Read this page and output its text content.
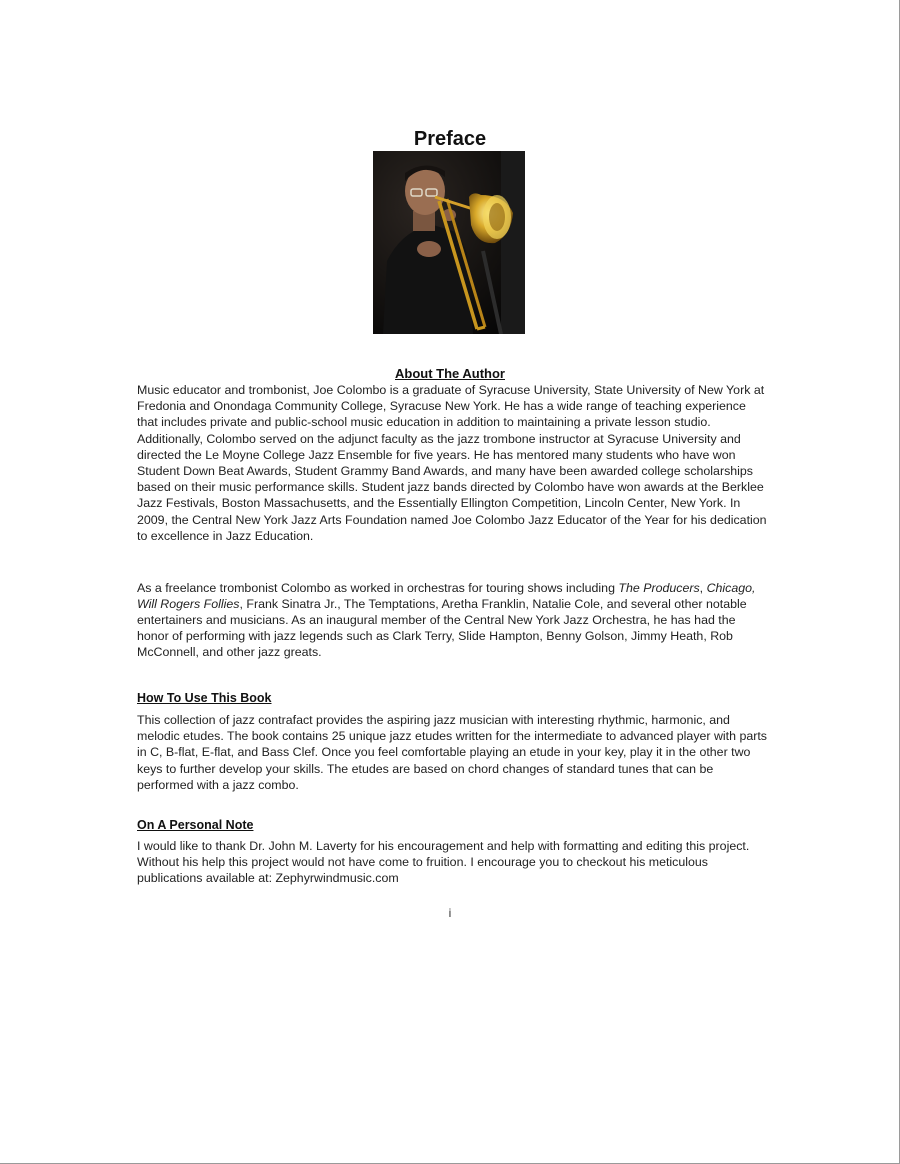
Preface
About The Author
Music educator and trombonist, Joe Colombo is a graduate of Syracuse University, State University of New York at Fredonia and Onondaga Community College, Syracuse New York. He has a wide range of teaching experience that includes private and public-school music education in addition to maintaining a private lesson studio. Additionally, Colombo served on the adjunct faculty as the jazz trombone instructor at Syracuse University and directed the Le Moyne College Jazz Ensemble for five years. He has mentored many students who have won Student Down Beat Awards, Student Grammy Band Awards, and many have been awarded college scholarships based on their music performance skills. Student jazz bands directed by Colombo have won awards at the Berklee Jazz Festivals, Boston Massachusetts, and the Essentially Ellington Competition, Lincoln Center, New York. In 2009, the Central New York Jazz Arts Foundation named Joe Colombo Jazz Educator of the Year for his dedication to excellence in Jazz Education.
As a freelance trombonist Colombo as worked in orchestras for touring shows including The Producers, Chicago, Will Rogers Follies, Frank Sinatra Jr., The Temptations, Aretha Franklin, Natalie Cole, and several other notable entertainers and musicians. As an inaugural member of the Central New York Jazz Orchestra, he has had the honor of performing with jazz legends such as Clark Terry, Slide Hampton, Benny Golson, Jimmy Heath, Rob McConnell, and other jazz greats.
How To Use This Book
This collection of jazz contrafact provides the aspiring jazz musician with interesting rhythmic, harmonic, and melodic etudes. The book contains 25 unique jazz etudes written for the intermediate to advanced player with parts in C, B-flat, E-flat, and Bass Clef. Once you feel comfortable playing an etude in your key, play it in the other two keys to further develop your skills. The etudes are based on chord changes of standard tunes that can be performed with a jazz combo.
On A Personal Note
I would like to thank Dr. John M. Laverty for his encouragement and help with formatting and editing this project. Without his help this project would not have come to fruition. I encourage you to checkout his meticulous publications available at: Zephyrwindmusic.com
i
